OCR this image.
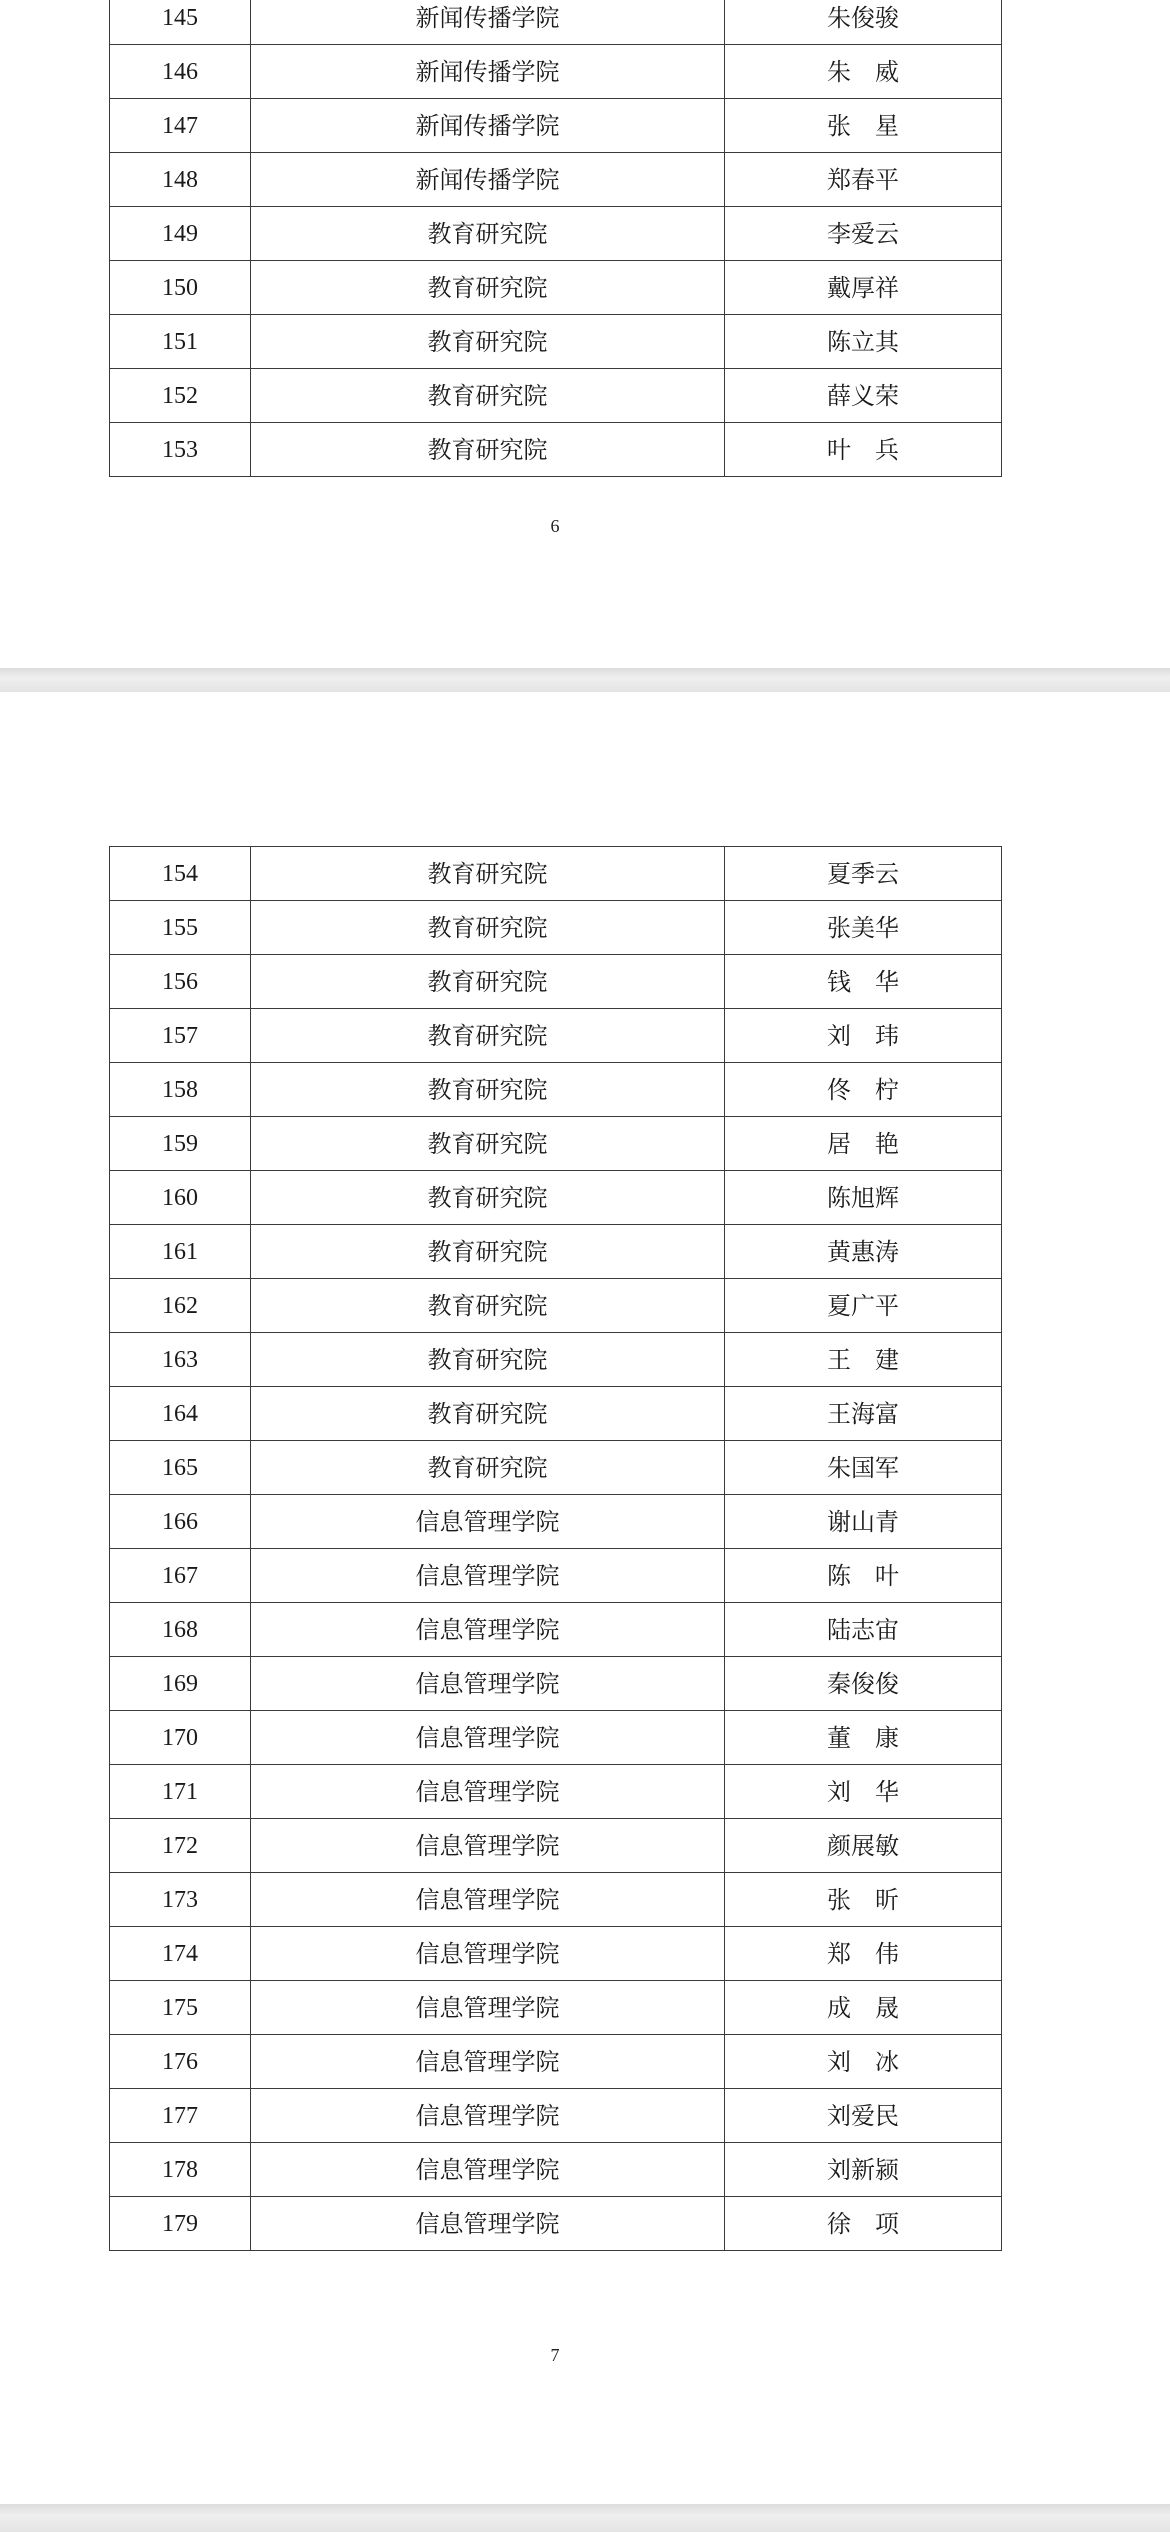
145	新闻传播学院	朱俊骏
146	新闻传播学院	朱　威
147	新闻传播学院	张　星
148	新闻传播学院	郑春平
149	教育研究院	李爱云
150	教育研究院	戴厚祥
151	教育研究院	陈立其
152	教育研究院	薛义荣
153	教育研究院	叶　兵
6
154	教育研究院	夏季云
155	教育研究院	张美华
156	教育研究院	钱　华
157	教育研究院	刘　玮
158	教育研究院	佟　柠
159	教育研究院	居　艳
160	教育研究院	陈旭辉
161	教育研究院	黄惠涛
162	教育研究院	夏广平
163	教育研究院	王　建
164	教育研究院	王海富
165	教育研究院	朱国军
166	信息管理学院	谢山青
167	信息管理学院	陈　叶
168	信息管理学院	陆志宙
169	信息管理学院	秦俊俊
170	信息管理学院	董　康
171	信息管理学院	刘　华
172	信息管理学院	颜展敏
173	信息管理学院	张　昕
174	信息管理学院	郑　伟
175	信息管理学院	成　晟
176	信息管理学院	刘　冰
177	信息管理学院	刘爱民
178	信息管理学院	刘新颍
179	信息管理学院	徐　项
7
